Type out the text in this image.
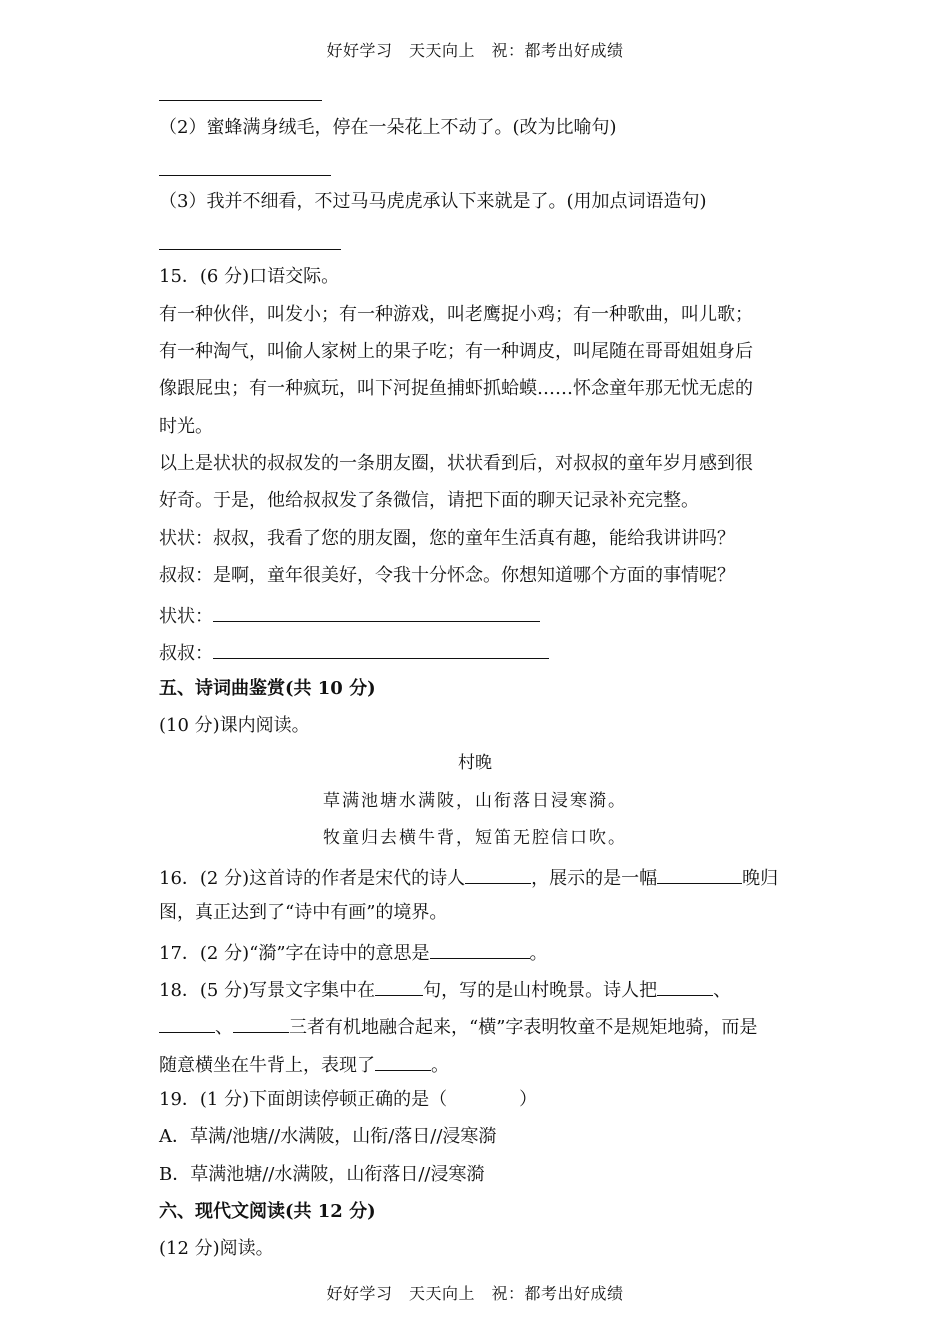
好好学习　天天向上　祝：都考出好成绩
（2）蜜蜂满身绒毛，停在一朵花上不动了。(改为比喻句)
（3）我并不细看，不过马马虎虎承认下来就是了。(用加点词语造句)
15．(6 分)口语交际。
有一种伙伴，叫发小；有一种游戏，叫老鹰捉小鸡；有一种歌曲，叫儿歌；
有一种淘气，叫偷人家树上的果子吃；有一种调皮，叫尾随在哥哥姐姐身后
像跟屁虫；有一种疯玩，叫下河捉鱼捕虾抓蛤蟆……怀念童年那无忧无虑的
时光。
以上是状状的叔叔发的一条朋友圈，状状看到后，对叔叔的童年岁月感到很
好奇。于是，他给叔叔发了条微信，请把下面的聊天记录补充完整。
状状：叔叔，我看了您的朋友圈，您的童年生活真有趣，能给我讲讲吗？
叔叔：是啊，童年很美好，令我十分怀念。你想知道哪个方面的事情呢？
状状：
叔叔：
五、诗词曲鉴赏(共 10 分)
(10 分)课内阅读。
村晚
草满池塘水满陂，山衔落日浸寒漪。
牧童归去横牛背，短笛无腔信口吹。
16．(2 分)这首诗的作者是宋代的诗人	，展示的是一幅	晚归
图，真正达到了“诗中有画”的境界。
17．(2 分)“漪”字在诗中的意思是	。
18．(5 分)写景文字集中在	句，写的是山村晚景。诗人把	、
、	三者有机地融合起来，“横”字表明牧童不是规矩地骑，而是
随意横坐在牛背上，表现了	。
19．(1 分)下面朗读停顿正确的是（　　　　）
A．草满/池塘//水满陂，山衔/落日//浸寒漪
B．草满池塘//水满陂，山衔落日//浸寒漪
六、现代文阅读(共 12 分)
(12 分)阅读。
好好学习　天天向上　祝：都考出好成绩
